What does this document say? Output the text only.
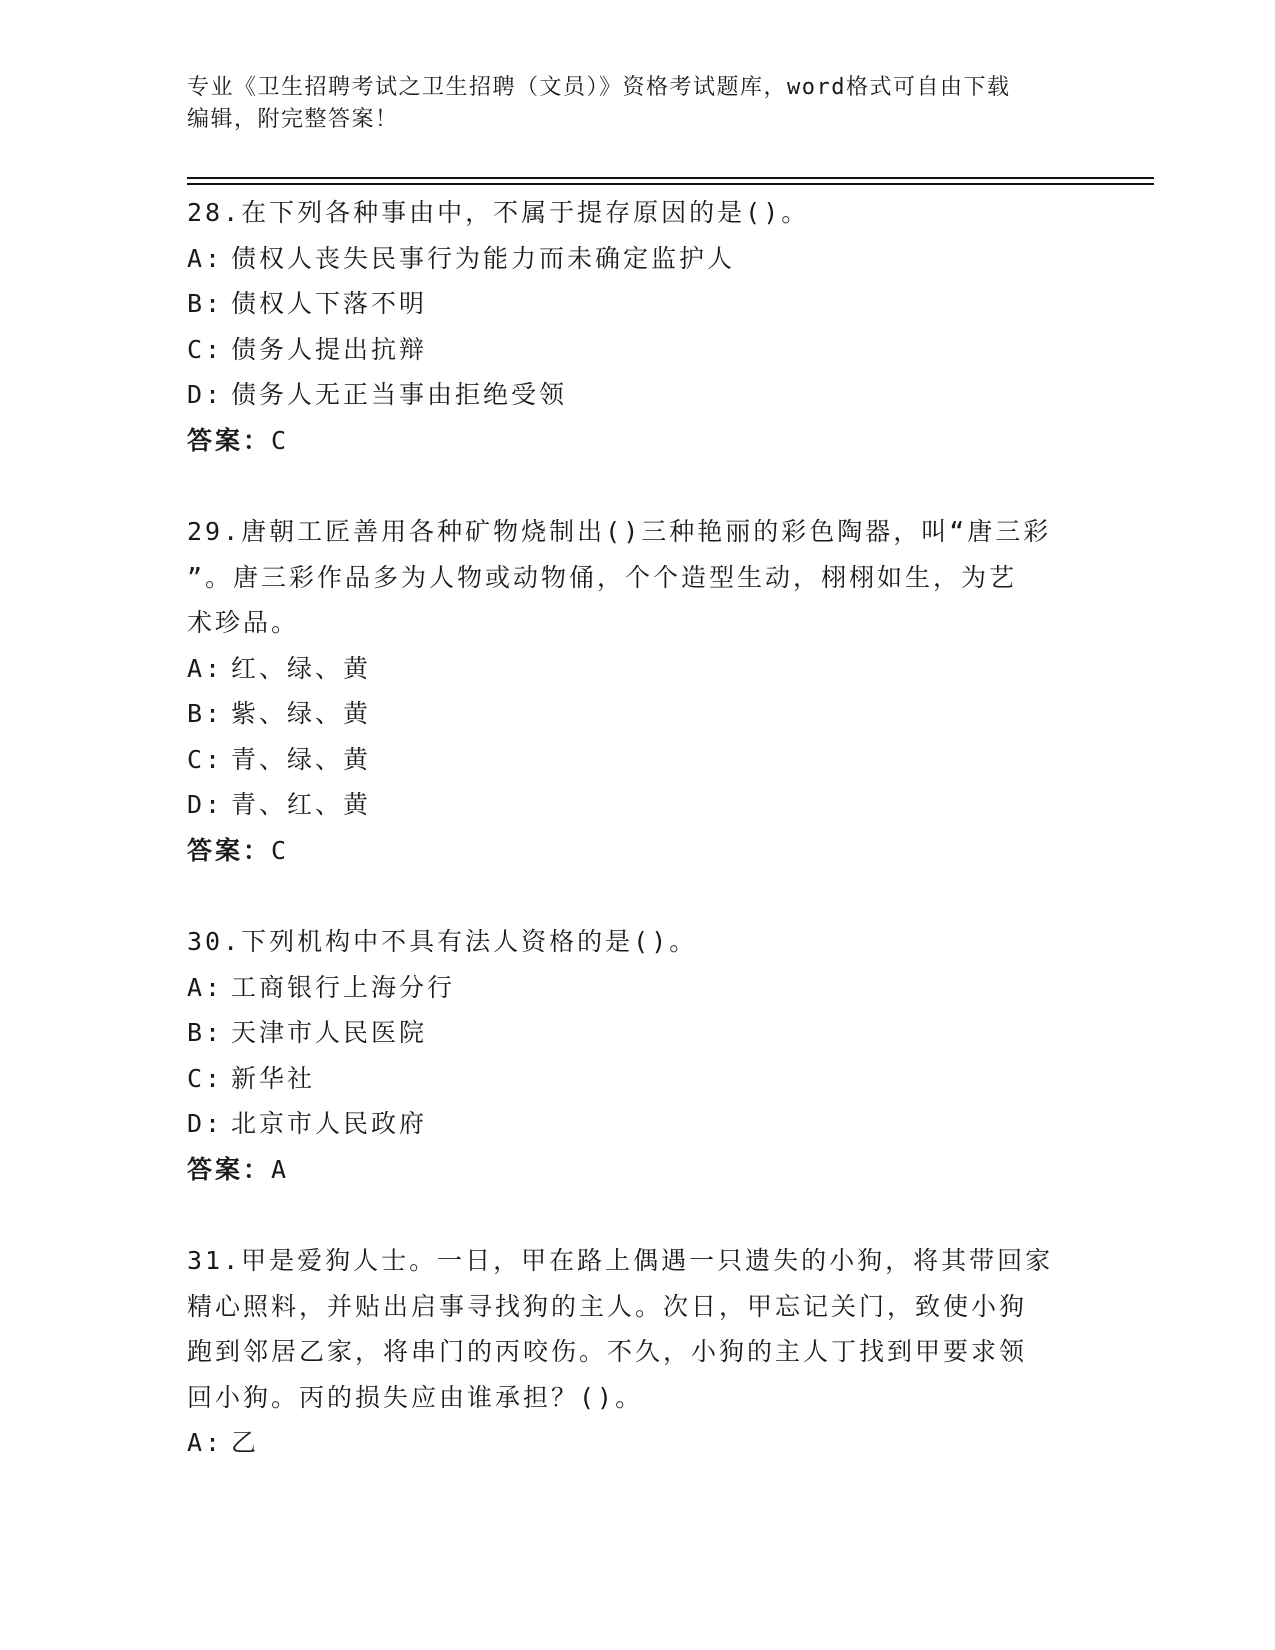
专业《卫生招聘考试之卫生招聘（文员）》资格考试题库，word格式可自由下载
编辑，附完整答案！
28.在下列各种事由中，不属于提存原因的是()。
A: 债权人丧失民事行为能力而未确定监护人
B: 债权人下落不明
C: 债务人提出抗辩
D: 债务人无正当事由拒绝受领
答案：C
29.唐朝工匠善用各种矿物烧制出()三种艳丽的彩色陶器，叫“唐三彩
”。唐三彩作品多为人物或动物俑，个个造型生动，栩栩如生，为艺
术珍品。
A: 红、绿、黄
B: 紫、绿、黄
C: 青、绿、黄
D: 青、红、黄
答案：C
30.下列机构中不具有法人资格的是()。
A: 工商银行上海分行
B: 天津市人民医院
C: 新华社
D: 北京市人民政府
答案：A
31.甲是爱狗人士。一日，甲在路上偶遇一只遗失的小狗，将其带回家
精心照料，并贴出启事寻找狗的主人。次日，甲忘记关门，致使小狗
跑到邻居乙家，将串门的丙咬伤。不久，小狗的主人丁找到甲要求领
回小狗。丙的损失应由谁承担？()。
A: 乙
